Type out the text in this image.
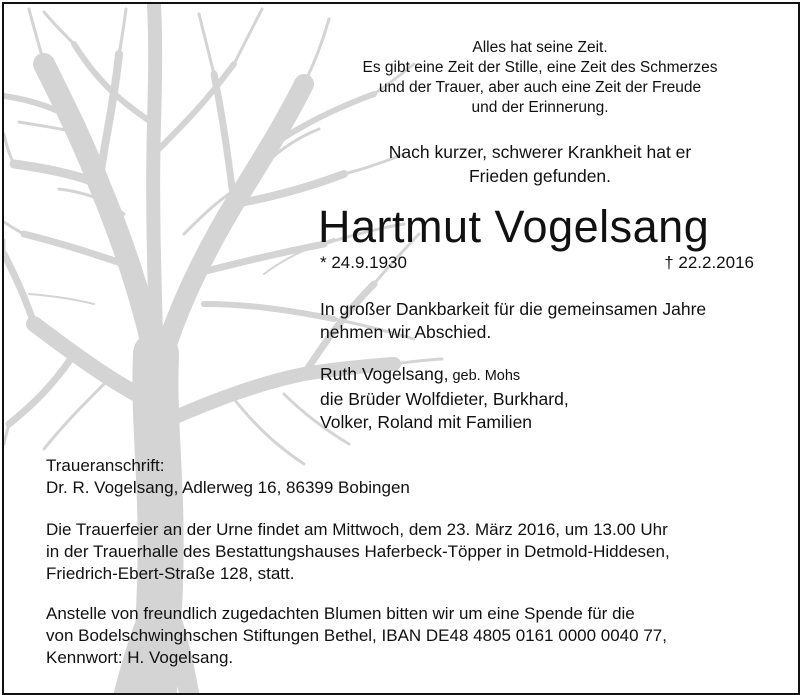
Alles hat seine Zeit.
Es gibt eine Zeit der Stille, eine Zeit des Schmerzes
und der Trauer, aber auch eine Zeit der Freude
und der Erinnerung.
Nach kurzer, schwerer Krankheit hat er
Frieden gefunden.
Hartmut Vogelsang
* 24.9.1930	† 22.2.2016
In großer Dankbarkeit für die gemeinsamen Jahre
nehmen wir Abschied.
Ruth Vogelsang, geb. Mohs
die Brüder Wolfdieter, Burkhard,
Volker, Roland mit Familien
Traueranschrift:
Dr. R. Vogelsang, Adlerweg 16, 86399 Bobingen
Die Trauerfeier an der Urne findet am Mittwoch, dem 23. März 2016, um 13.00 Uhr
in der Trauerhalle des Bestattungshauses Haferbeck-Töpper in Detmold-Hiddesen,
Friedrich-Ebert-Straße 128, statt.
Anstelle von freundlich zugedachten Blumen bitten wir um eine Spende für die
von Bodelschwinghschen Stiftungen Bethel, IBAN DE48 4805 0161 0000 0040 77,
Kennwort: H. Vogelsang.
